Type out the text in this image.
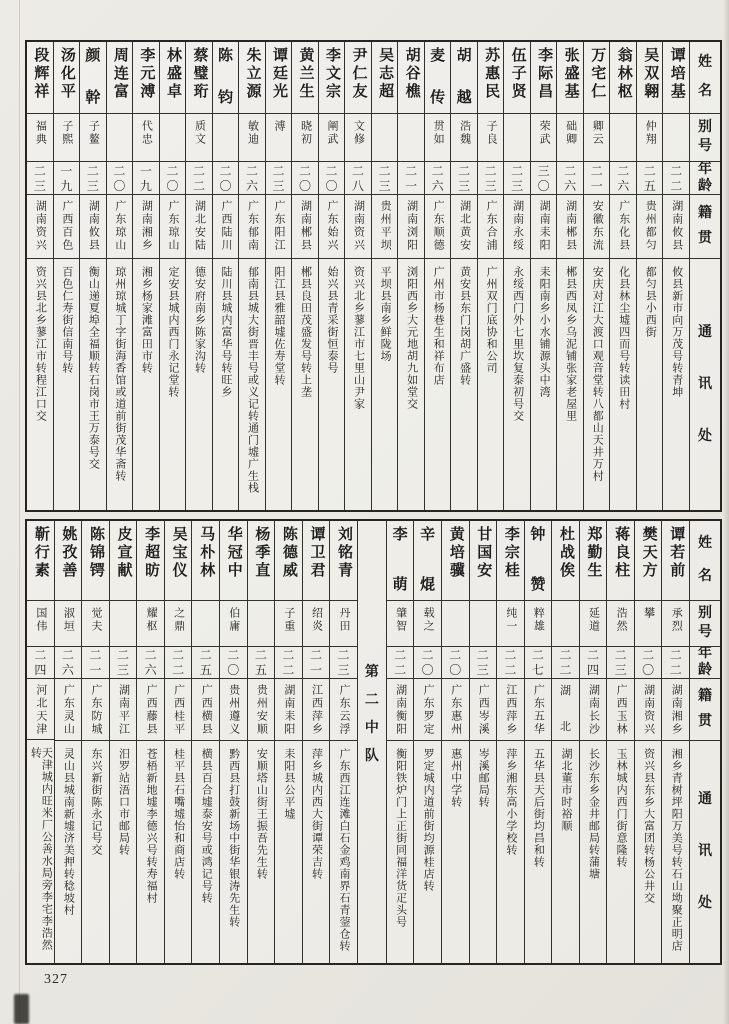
姓
名
别
号
年
龄
籍
贯
通
讯
处
谭培基
二
二
湖南攸县
攸县新市向万茂号转青坤
吴双翱
仲翔
二
五
贵州都匀
都匀县小西街
翁林枢
二
六
广东化县
化县林尘墟四而号转读田村
万宅仁
卿云
二
一
安徽东流
安庆对江大渡口观音堂转八都山天井万村
张盛基
础卿
二
六
湖南郴县
郴县西凤乡乌泥铺张家老屋里
李际昌
荣武
三
〇
湖南耒阳
耒阳南乡小水铺源头中湾
伍子贤
二
三
湖南永绥
永绥西门外七里坎复泰初号交
苏惠民
子良
二
三
广东合浦
广州双门底协和公司
胡
越
浩魏
二
三
湖北黄安
黄安县东门岗胡广盛转
麦
传
贯如
二
六
广东顺德
广州市杨巷生和祥布店
胡谷樵
二
一
湖南浏阳
浏阳西乡大元地胡九如堂交
吴志超
二
三
贵州平坝
平坝县南乡鲜陇场
尹仁友
文修
二
八
湖南资兴
资兴北乡蓼江市七里山尹家
李文宗
阐武
二
〇
广东始兴
始兴县青采街恒泰号
黄兰生
晓初
二
〇
湖南郴县
郴县良田茂盛发号转上垄
谭廷光
溥
二
三
广东阳江
阳江县雅韶墟佐寿堂转
朱立源
敏迪
二
六
广东郁南
郁南县城大街晋丰号或义记转通门墟广生栈
陈
钧
二
〇
广西陆川
陆川县城内富华号转旺乡
蔡璧珩
质文
二
二
湖北安陆
德安府南乡陈家沟转
林盛卓
二
〇
广东琼山
定安县城内西门永记堂转
李元溥
代忠
一
九
湖南湘乡
湘乡杨家滩富田市转
周连富
二
〇
广东琼山
琼州琼城丁字街海香馆或道前街茂华斋转
颜
幹
子鳌
二
三
湖南攸县
衡山递夏埠全福顺转石岗市王万泰号交
汤化平
子熙
一
九
广西百色
百色仁寿街信南号转
段辉祥
福典
二
三
湖南资兴
资兴县北乡蓼江市转程江口交
姓
名
别
号
年
龄
籍
贯
通
讯
处
谭若前
承烈
二
二
湖南湘乡
湘乡青树坪阳万美号转石山坳聚正明店
樊天方
攀
二
〇
湖南资兴
资兴县东乡大富团转杨公井交
蒋良柱
浩然
二
三
广西玉林
玉林城内西门街意隆转
郑勤生
延道
二
四
湖南长沙
长沙东乡金井邮局转蒲塘
杜战俟
二
二
湖
北
湖北董市时裕顺
钟
赞
粹雄
二
七
广东五华
五华县天后街均昌和转
李宗桂
纯一
二
二
江西萍乡
萍乡湘东高小学校转
甘国安
二
三
广西岑溪
岑溪邮局转
黄培骥
二
〇
广东惠州
惠州中学转
辛
焜
载之
二
〇
广东罗定
罗定城内道前街均源桂店转
李
萌
肇智
二
二
湖南衡阳
衡阳铁炉门上正街同福洋货疋头号
第
二
中
队
刘铭青
丹田
二
三
广东云浮
广东西江连滩白石金鸡南界石青蓥仓转
谭卫君
绍炎
二
一
江西萍乡
萍乡城内西大街谭荣吉转
陈德威
子重
二
二
湖南耒阳
耒阳县公平墟
杨季直
二
五
贵州安顺
安顺塔山街王振吾先生转
华冠中
伯庸
二
〇
贵州遵义
黔西县打鼓新场中街华银涛先生转
马朴林
二
五
广西横县
横县百合墟泰安号或鸿记号转
吴宝仪
之鼎
二
二
广西桂平
桂平县石嘴墟怡和商店转
李超昉
耀枢
二
六
广西藤县
苍梧新地墟李德兴号转寿福村
皮宣献
二
三
湖南平江
汨罗站浯口市邮局转
陈锦锷
觉夫
二
一
广东防城
东兴新街陈永记号交
姚孜善
淑垣
二
六
广东灵山
灵山县城南新墟济美押转稔坡村
靳行素
国伟
二
四
河北天津
天津城内旺米厂公善水局旁李宅李浩然转
327
